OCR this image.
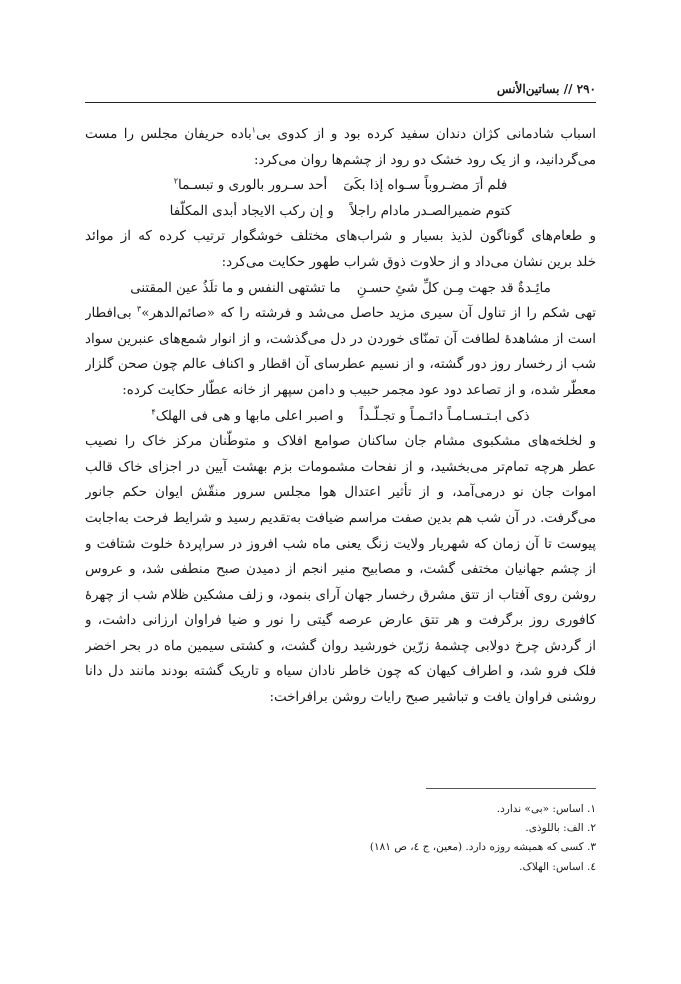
۲۹۰ // بساتین‌الأنس
اسباب شادمانی کژان دندان سفید کرده بود و از کدوی بی$^۱$باده حریفان مجلس را مست
می‌گردانید، و از یک رود خشک دو رود از چشم‌ها روان می‌کرد:
فلم أرَ مضـروباً سـواه إذا بکَیَ
أحد سـرور بالوری و تبسـما$^۲$
کتوم ضمیرالصـدر مادام راجلاً
و إن رکب الایجاد أبدی المکلّفا
و طعام‌های گوناگون لذیذ بسیار و شراب‌های مختلف خوشگوار ترتیب کرده که از موائد
خلد برین نشان می‌داد و از حلاوت ذوق شراب طهور حکایت می‌کرد:
مائِـدةٌ قد جهت مِـن کلِّ شئِ حسـنِ
ما تشتهی النفس و ما تلَذُ عین المقتنی
تهی شکم را از تناول آن سیری مزید حاصل می‌شد و فرشته را که «صائم‌الدهر»$^۳$ بی‌افطار
است از مشاهدهٔ لطافت آن تمنّای خوردن در دل می‌گذشت، و از انوار شمع‌های عنبرین سواد
شب از رخسار روز دور گشته، و از نسیم عطرسای آن اقطار و اکناف عالم چون صحن گلزار
معطّر شده، و از تصاعد دود عود مجمر حبیب و دامن سپهر از خانه عطّار حکایت کرده:
ذکی ابـتـسـامـاً دائـمـاً و تجـلّـداً
و اصبر اعلی مابها و هی فی الهلک$^۴$
و لخلخه‌های مشکبوی مشام جان ساکنان صوامع افلاک و متوطّنان مرکز خاک را نصیب
عطر هرچه تمام‌تر می‌بخشید، و از نفحات مشمومات بزم بهشت آیین در اجزای خاک قالب
اموات جان نو درمی‌آمد، و از تأثیر اعتدال هوا مجلس سرور منقّش ایوان حکم جانور
می‌گرفت. در آن شب هم بدین صفت مراسم ضیافت به‌تقدیم رسید و شرایط فرحت به‌اجابت
پیوست تا آن زمان که شهریار ولایت زنگ یعنی ماه شب افروز در سراپردهٔ خلوت شتافت و
از چشم جهانیان مختفی گشت، و مصابیح منیر انجم از دمیدن صبح منطفی شد، و عروس
روشن روی آفتاب از تتق مشرق رخسار جهان آرای بنمود، و زلف مشکین ظلام شب از چهرهٔ
کافوری روز برگرفت و هر تتق عارض عرصه گیتی را نور و ضیا فراوان ارزانی داشت، و
از گردش چرخ دولابی چشمهٔ زرّین خورشید روان گشت، و کشتی سیمین ماه در بحر اخضر
فلک فرو شد، و اطراف کیهان که چون خاطر نادان سیاه و تاریک گشته بودند مانند دل دانا
روشنی فراوان یافت و تباشیر صبح رایات روشن برافراخت:
۱. اساس: «بی» ندارد.
۲. الف: باللوذی.
۳. کسی که همیشه روزه دارد. (معین، ج ٤، ص ۱۸۱)
٤. اساس: الهلاک.
